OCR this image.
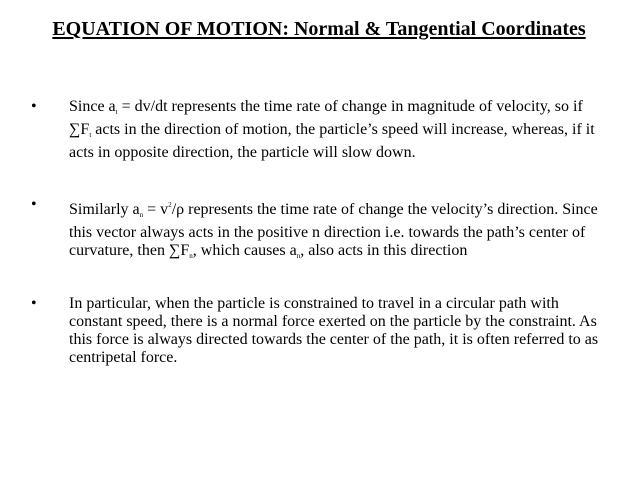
EQUATION OF MOTION: Normal & Tangential Coordinates
• Since $a_t = dv/dt$ represents the time rate of change in magnitude of velocity, so if $\sum F_t$ acts in the direction of motion, the particle’s speed will increase, whereas, if it acts in opposite direction, the particle will slow down.
• Similarly $a_n = v^2/\rho$ represents the time rate of change the velocity’s direction. Since this vector always acts in the positive n direction i.e. towards the path’s center of curvature, then $\sum F_n$, which causes $a_n$, also acts in this direction
• In particular, when the particle is constrained to travel in a circular path with constant speed, there is a normal force exerted on the particle by the constraint. As this force is always directed towards the center of the path, it is often referred to as centripetal force.
